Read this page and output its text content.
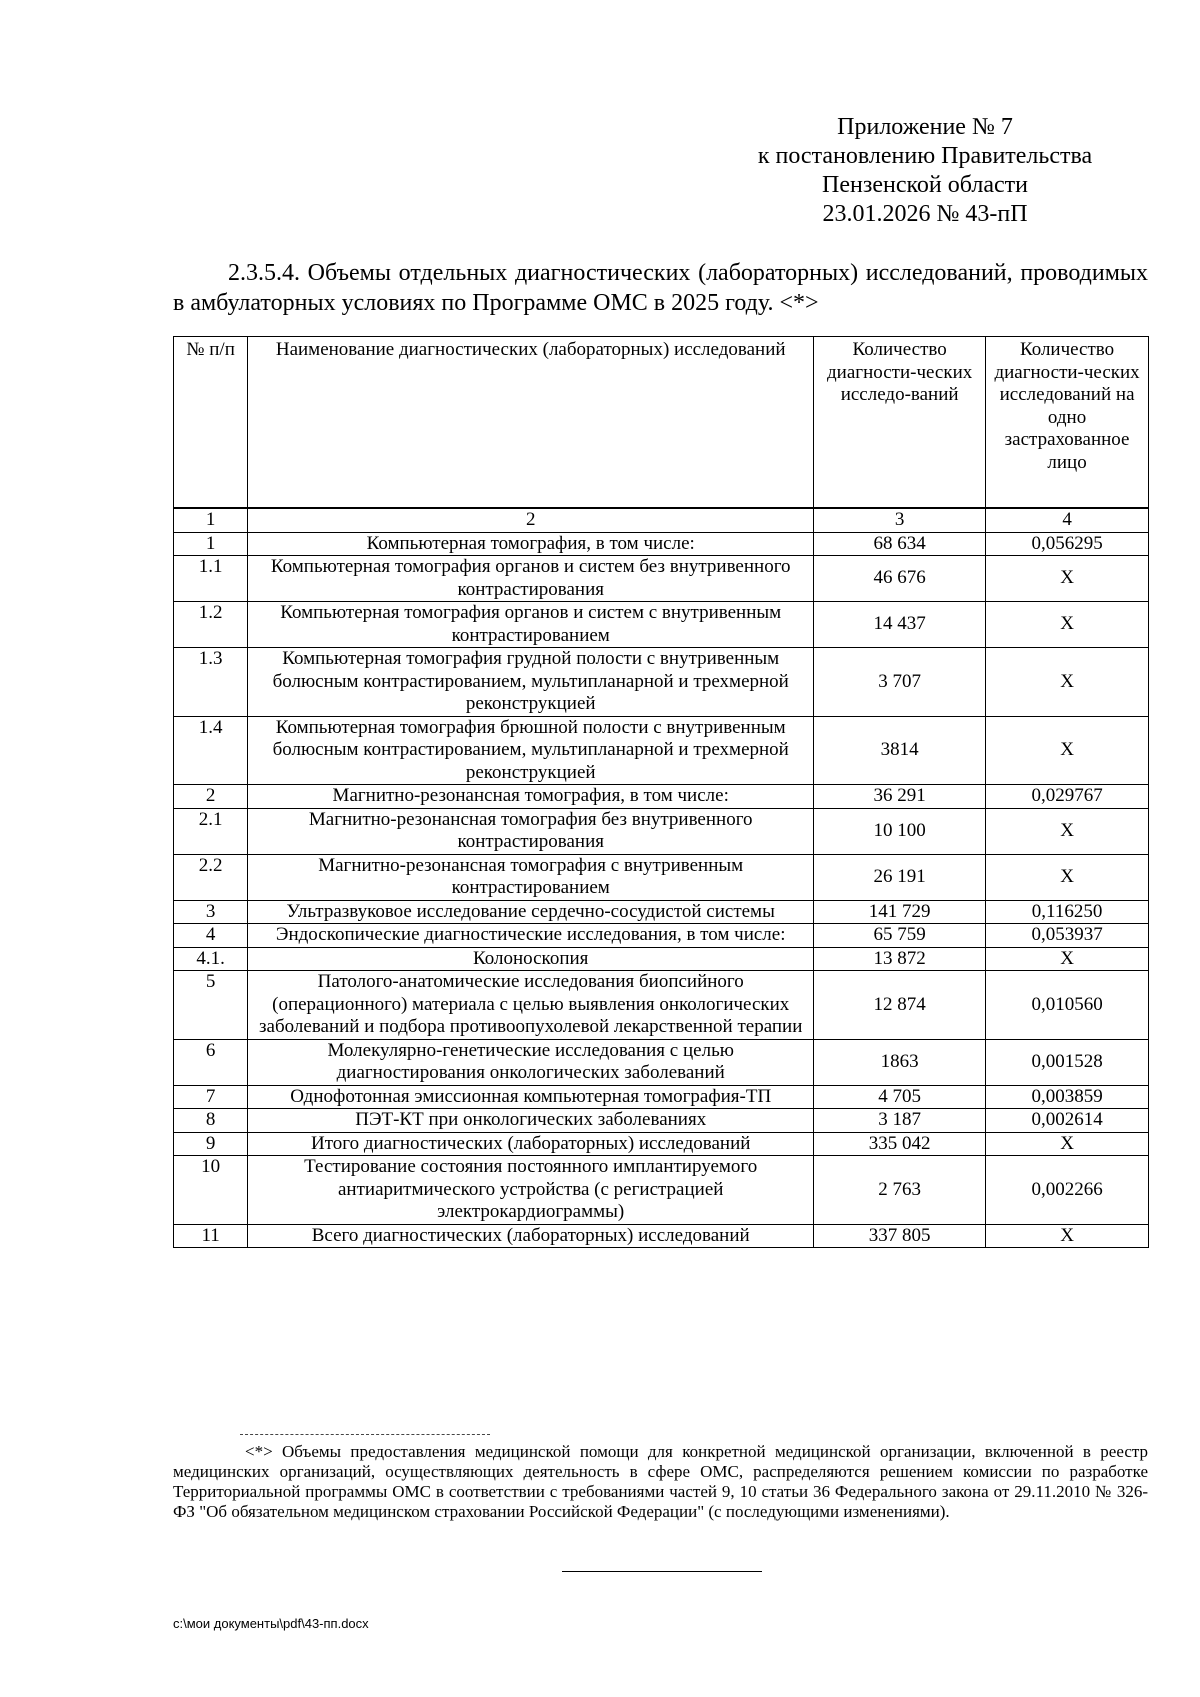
Приложение № 7
к постановлению Правительства
Пензенской области
23.01.2026 № 43-пП
2.3.5.4. Объемы отдельных диагностических (лабораторных) исследований, проводимых в амбулаторных условиях по Программе ОМС в 2025 году. <*>
№ п/п	Наименование диагностических (лабораторных) исследований	Количество диагности-ческих исследо-ваний	Количество диагности-ческих исследований на одно застрахованное лицо
1	2	3	4
1	Компьютерная томография, в том числе:	68 634	0,056295
1.1	Компьютерная томография органов и систем без внутривенного контрастирования	46 676	X
1.2	Компьютерная томография органов и систем с внутривенным контрастированием	14 437	X
1.3	Компьютерная томография грудной полости с внутривенным болюсным контрастированием, мультипланарной и трехмерной реконструкцией	3 707	X
1.4	Компьютерная томография брюшной полости с внутривенным болюсным контрастированием, мультипланарной и трехмерной реконструкцией	3814	X
2	Магнитно-резонансная томография, в том числе:	36 291	0,029767
2.1	Магнитно-резонансная томография без внутривенного контрастирования	10 100	X
2.2	Магнитно-резонансная томография с внутривенным контрастированием	26 191	X
3	Ультразвуковое исследование сердечно-сосудистой системы	141 729	0,116250
4	Эндоскопические диагностические исследования, в том числе:	65 759	0,053937
4.1.	Колоноскопия	13 872	X
5	Патолого-анатомические исследования биопсийного (операционного) материала с целью выявления онкологических заболеваний и подбора противоопухолевой лекарственной терапии	12 874	0,010560
6	Молекулярно-генетические исследования с целью диагностирования онкологических заболеваний	1863	0,001528
7	Однофотонная эмиссионная компьютерная томография-ТП	4 705	0,003859
8	ПЭТ-КТ при онкологических заболеваниях	3 187	0,002614
9	Итого диагностических (лабораторных) исследований	335 042	X
10	Тестирование состояния постоянного имплантируемого антиаритмического устройства (с регистрацией электрокардиограммы)	2 763	0,002266
11	Всего диагностических (лабораторных) исследований	337 805	X
<*> Объемы предоставления медицинской помощи для конкретной медицинской организации, включенной в реестр медицинских организаций, осуществляющих деятельность в сфере ОМС, распределяются решением комиссии по разработке Территориальной программы ОМС в соответствии с требованиями частей 9, 10 статьи 36 Федерального закона от 29.11.2010 № 326-ФЗ "Об обязательном медицинском страховании Российской Федерации" (с последующими изменениями).
c:\мои документы\pdf\43-пп.docx
